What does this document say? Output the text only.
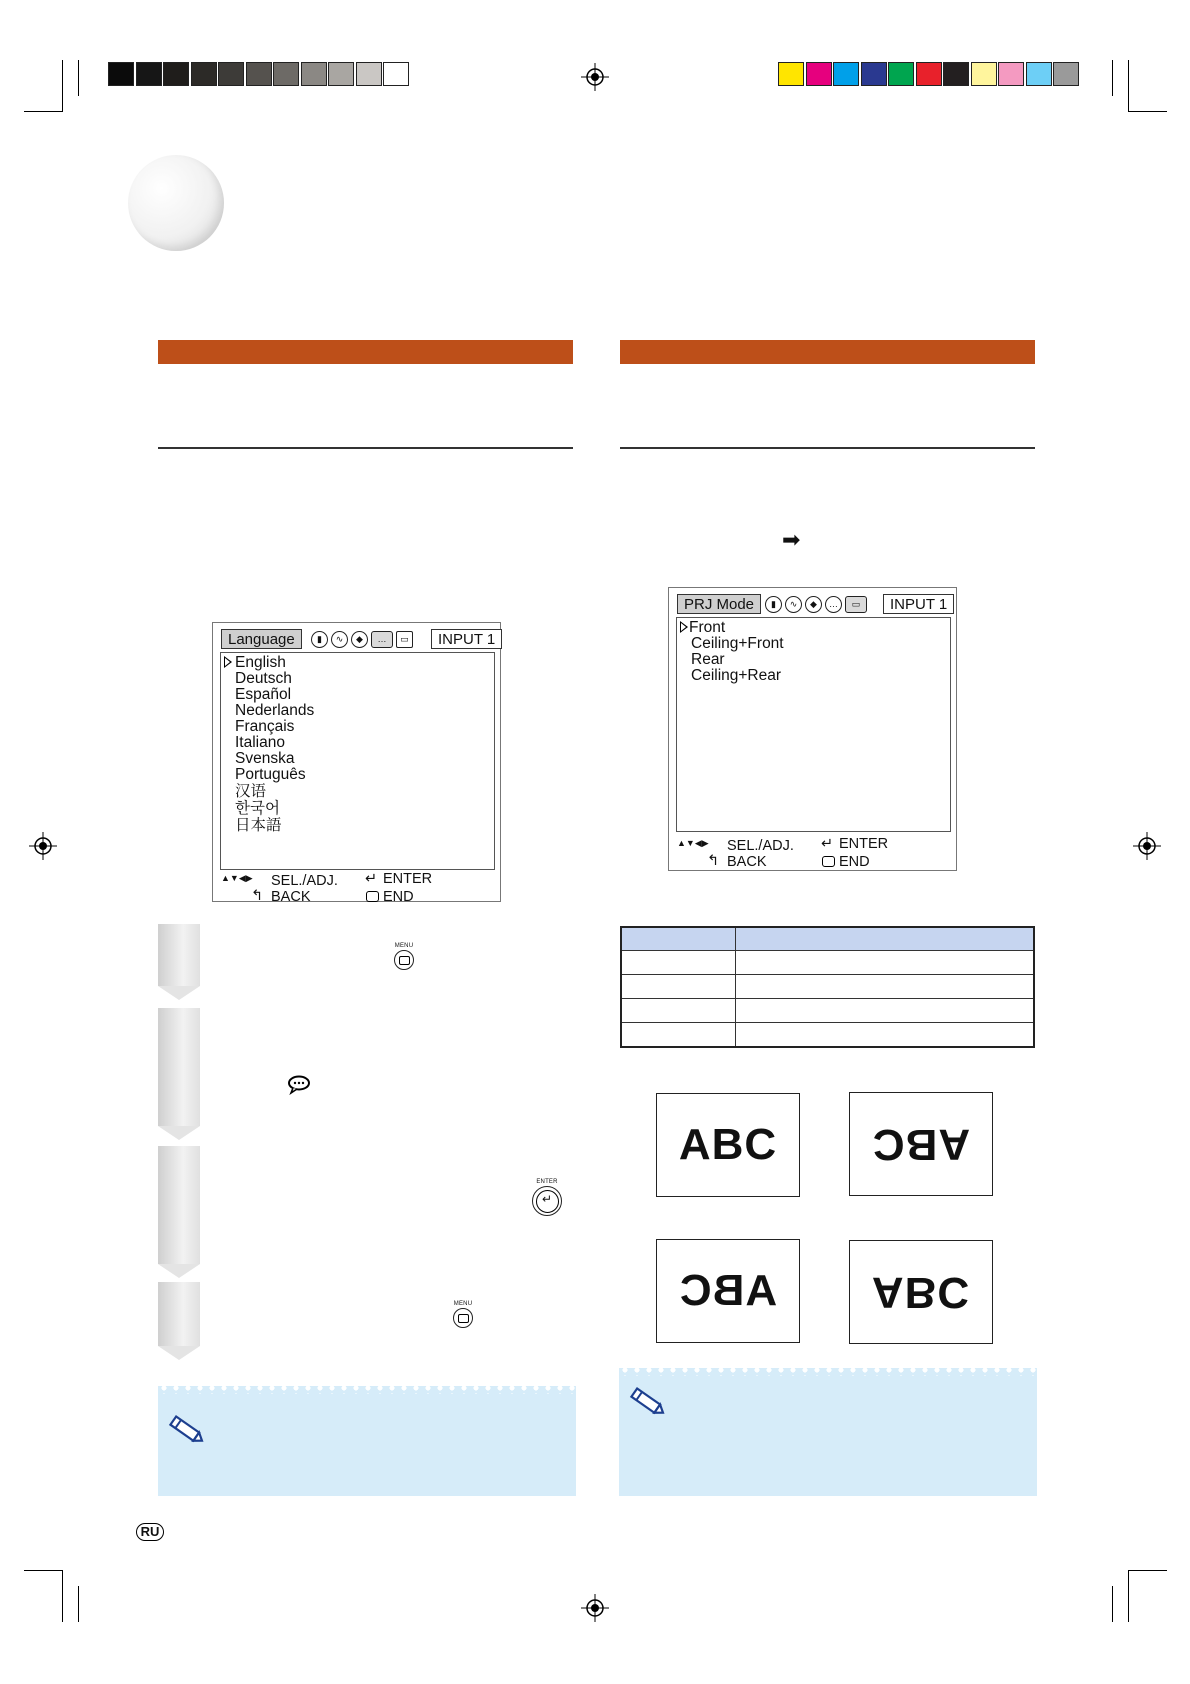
➡
Language	▮	∿	◆	…	▭	INPUT 1
English
Deutsch
Español
Nederlands
Français
Italiano
Svenska
Português
汉语
한국어
日本語
▲▼◀▶ SEL./ADJ. ↵ ENTER
↰ BACK	END
PRJ Mode	▮	∿	◆	…	▭	INPUT 1
Front
Ceiling+Front
Rear
Ceiling+Rear
▲▼◀▶ SEL./ADJ. ↵ ENTER
↰ BACK	END
MENU
ENTER
↵
MENU

ABC	ABC
ABC	ABC
RU
